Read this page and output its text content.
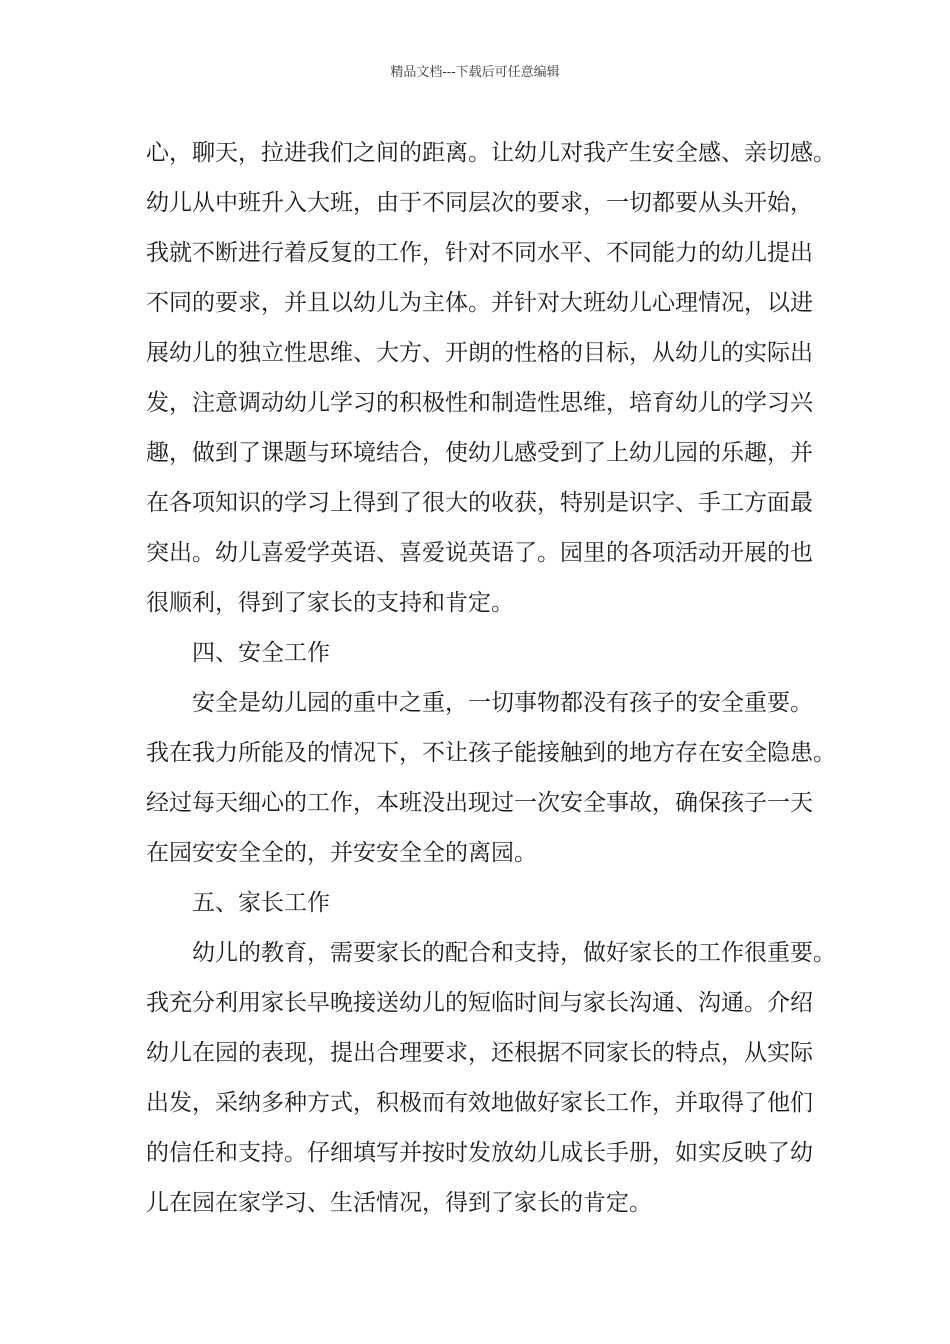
精品文档---下载后可任意编辑
心，聊天，拉进我们之间的距离。让幼儿对我产生安全感、亲切感。
幼儿从中班升入大班，由于不同层次的要求，一切都要从头开始，
我就不断进行着反复的工作，针对不同水平、不同能力的幼儿提出
不同的要求，并且以幼儿为主体。并针对大班幼儿心理情况，以进
展幼儿的独立性思维、大方、开朗的性格的目标，从幼儿的实际出
发，注意调动幼儿学习的积极性和制造性思维，培育幼儿的学习兴
趣，做到了课题与环境结合，使幼儿感受到了上幼儿园的乐趣，并
在各项知识的学习上得到了很大的收获，特别是识字、手工方面最
突出。幼儿喜爱学英语、喜爱说英语了。园里的各项活动开展的也
很顺利，得到了家长的支持和肯定。
四、安全工作
安全是幼儿园的重中之重，一切事物都没有孩子的安全重要。
我在我力所能及的情况下，不让孩子能接触到的地方存在安全隐患。
经过每天细心的工作，本班没出现过一次安全事故，确保孩子一天
在园安安全全的，并安安全全的离园。
五、家长工作
幼儿的教育，需要家长的配合和支持，做好家长的工作很重要。
我充分利用家长早晚接送幼儿的短临时间与家长沟通、沟通。介绍
幼儿在园的表现，提出合理要求，还根据不同家长的特点，从实际
出发，采纳多种方式，积极而有效地做好家长工作，并取得了他们
的信任和支持。仔细填写并按时发放幼儿成长手册，如实反映了幼
儿在园在家学习、生活情况，得到了家长的肯定。
